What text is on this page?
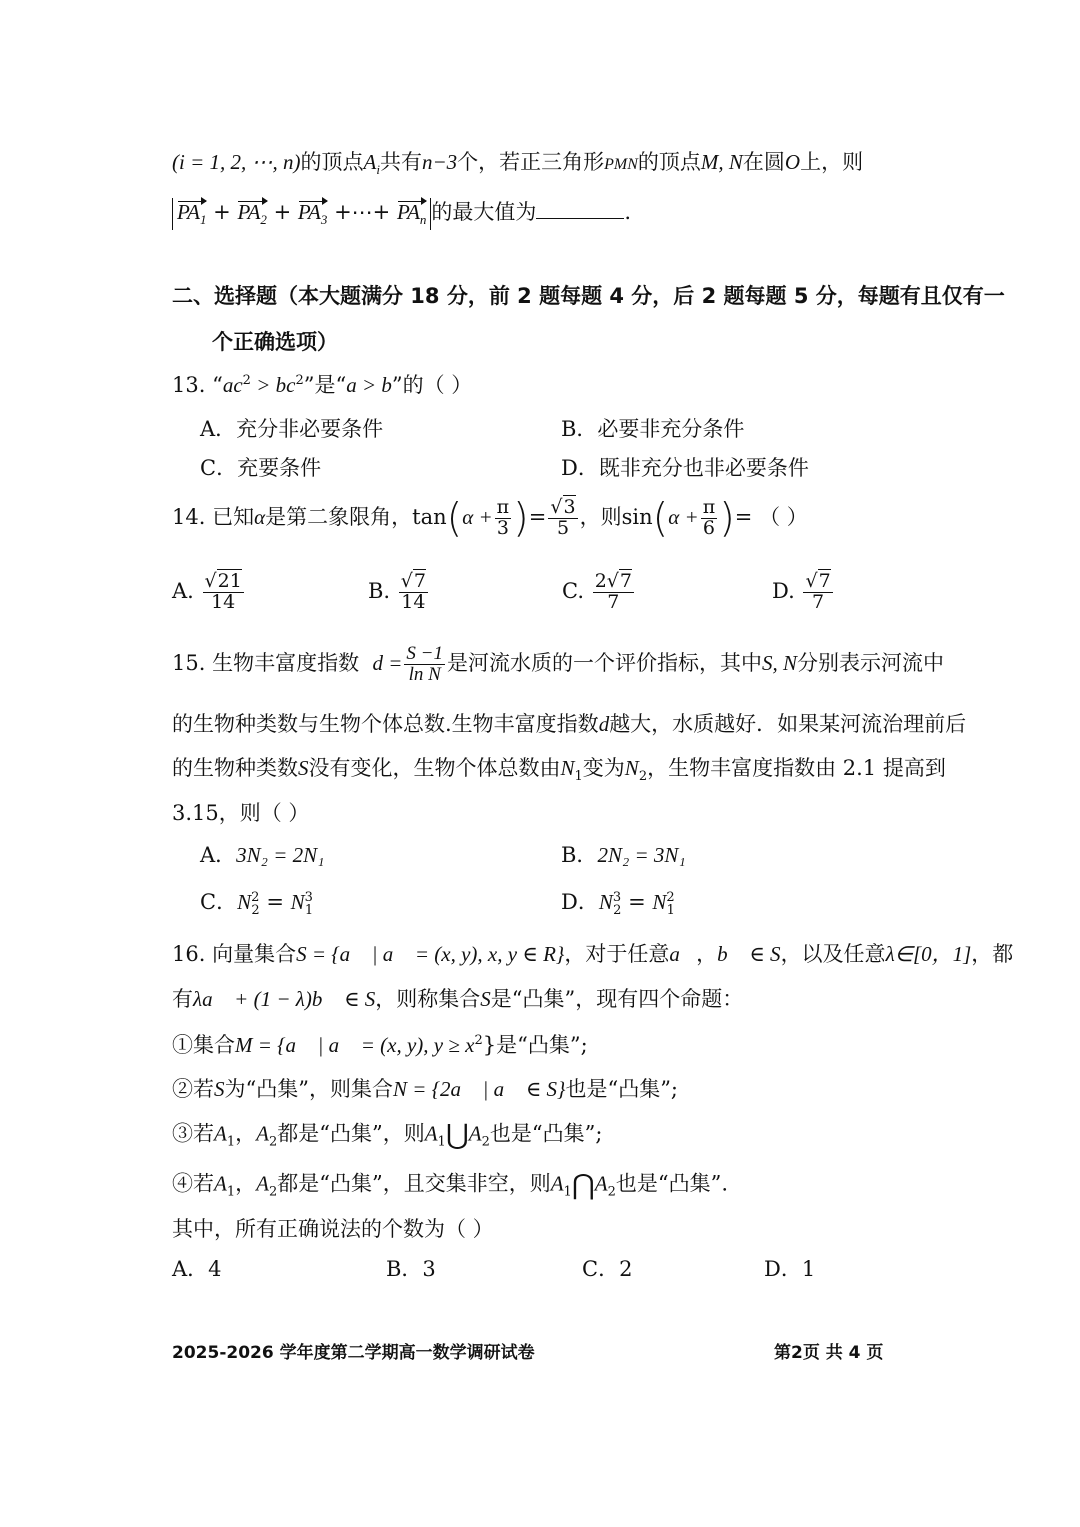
(i = 1, 2, ⋯, n)的顶点$A_i$共有n−3个，若正三角形PMN的顶点M, N在圆O上，则
$PA_1 + PA_2 + PA_3$ +⋯+ $PA_n$ 的最大值为	.
二、选择题（本大题满分 18 分，前 2 题每题 4 分，后 2 题每题 5 分，每题有且仅有一
个正确选项）
13. “$ac^2 > bc^2$”是“a > b”的（ ）
A．充分非必要条件	B．必要非充分条件
C．充要条件	D．既非充分也非必要条件
14. 已知α是第二象限角，$\tan(\alpha + \frac{\pi}{3}$ )= $\frac{√3}{5}$ ，则$\sin(\alpha + \frac{\pi}{6}$ )= （ ）
A. $\frac{√21}{14}$	B. $\frac{√7}{14}$	C. $\frac{2√7}{7}$	D. $\frac{√7}{7}$
15. 生物丰富度指数 $d = \frac{S -1}{\text{ln N}}$ 是河流水质的一个评价指标，其中S, N分别表示河流中
的生物种类数与生物个体总数.生物丰富度指数d越大，水质越好．如果某河流治理前后
的生物种类数S没有变化，生物个体总数由$N_1$变为$N_2$，生物丰富度指数由 2.1 提高到
3.15，则（ ）
A．3N₂ = 2N₁	B．2N₂ = 3N₁
C．$N^2_2 = N^3_1$	D．$N^3_2 = N^2_1$
16. 向量集合S = {a⃗ | a⃗ = (x, y), x, y ∈ R}，对于任意a⃗，b⃗ ∈ S，以及任意λ∈[0，1]，都
有λa⃗ + (1 − λ)b⃗ ∈ S，则称集合S是“凸集”，现有四个命题：
①集合M = {a⃗ | a⃗ = (x, y), $y \ge x^2$}是“凸集”;
②若S为“凸集”，则集合N = {2a⃗ | a⃗ ∈ S}也是“凸集”;
③若$A_1$，$A_2$都是“凸集”，则$A_1⋃A_2$也是“凸集”;
④若$A_1$，$A_2$都是“凸集”，且交集非空，则$A_1⋂A_2$也是“凸集”.
其中，所有正确说法的个数为（ ）
A．4	B．3	C．2	D．1
2025-2026 学年度第二学期高一数学调研试卷	第2页 共 4 页
